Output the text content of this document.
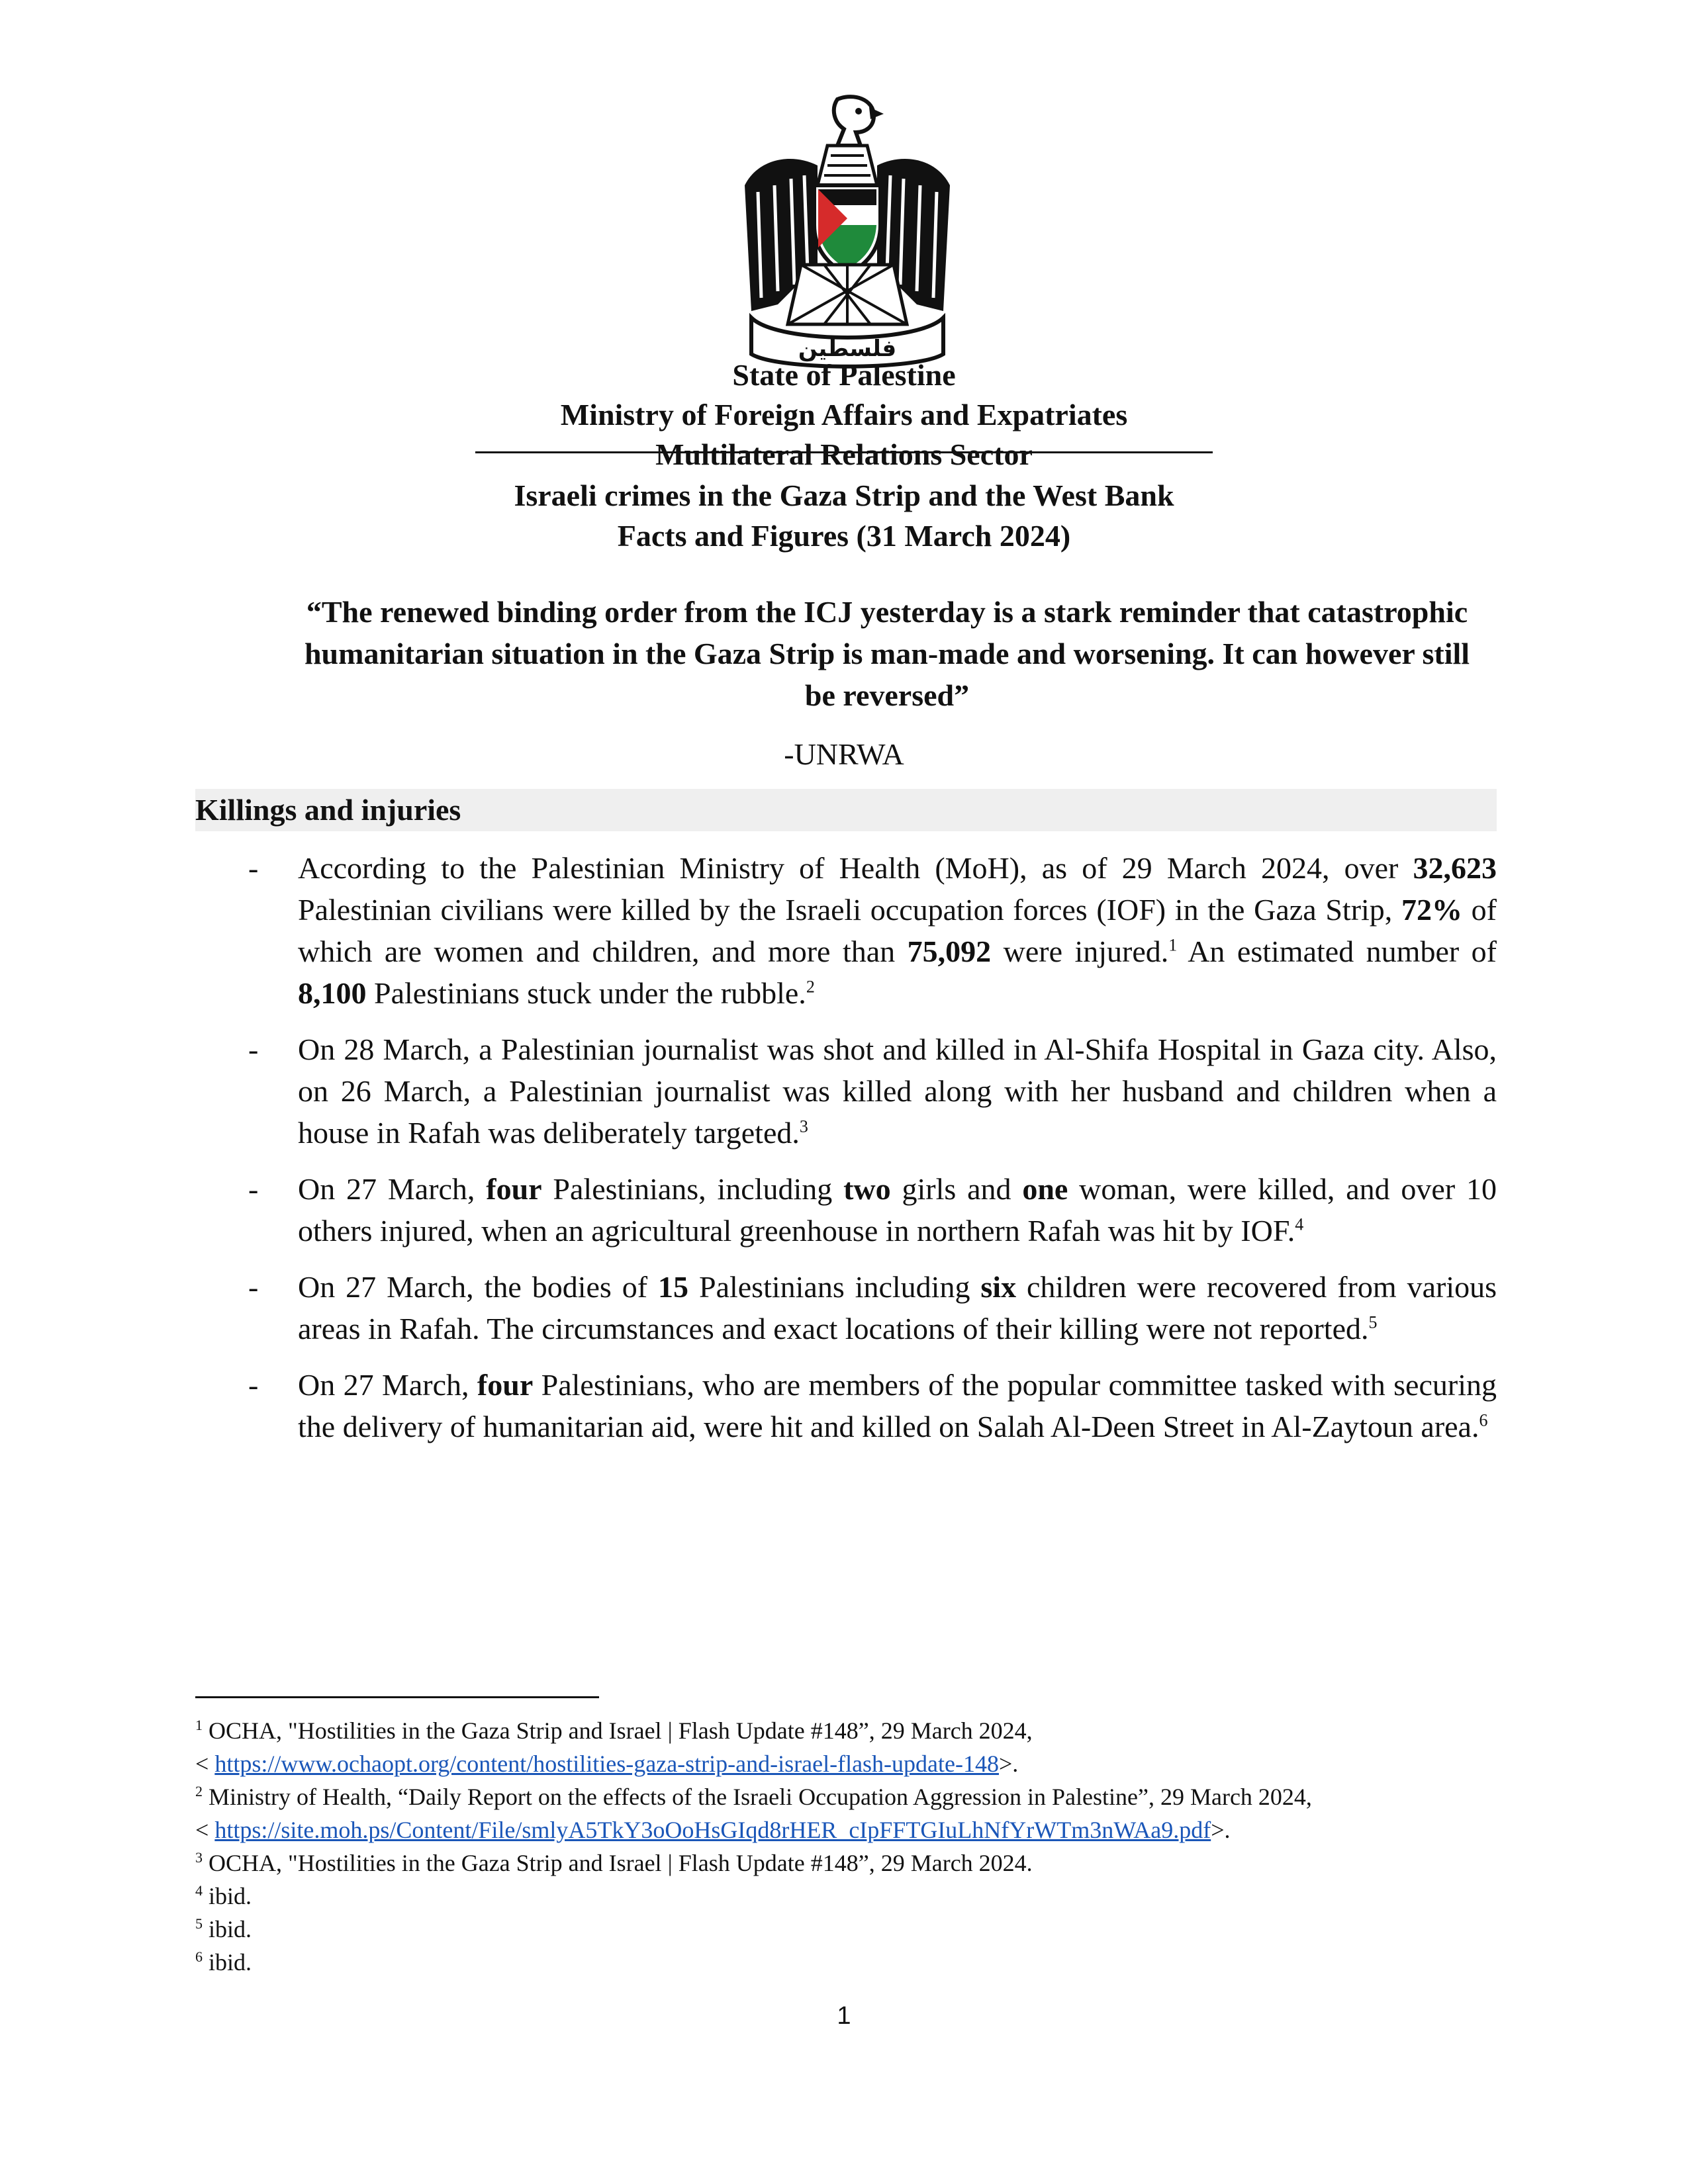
فلسطين
State of Palestine
Ministry of Foreign Affairs and Expatriates
Multilateral Relations Sector
Israeli crimes in the Gaza Strip and the West Bank
Facts and Figures (31 March 2024)
“The renewed binding order from the ICJ yesterday is a stark reminder that catastrophic humanitarian situation in the Gaza Strip is man-made and worsening. It can however still be reversed”
-UNRWA
Killings and injuries
- According to the Palestinian Ministry of Health (MoH), as of 29 March 2024, over 32,623 Palestinian civilians were killed by the Israeli occupation forces (IOF) in the Gaza Strip, 72% of which are women and children, and more than 75,092 were injured.$^1$ An estimated number of 8,100 Palestinians stuck under the rubble.$^2$
- On 28 March, a Palestinian journalist was shot and killed in Al-Shifa Hospital in Gaza city. Also, on 26 March, a Palestinian journalist was killed along with her husband and children when a house in Rafah was deliberately targeted.$^3$
- On 27 March, four Palestinians, including two girls and one woman, were killed, and over 10 others injured, when an agricultural greenhouse in northern Rafah was hit by IOF.$^4$
- On 27 March, the bodies of 15 Palestinians including six children were recovered from various areas in Rafah. The circumstances and exact locations of their killing were not reported.$^5$
- On 27 March, four Palestinians, who are members of the popular committee tasked with securing the delivery of humanitarian aid, were hit and killed on Salah Al-Deen Street in Al-Zaytoun area.$^6$
$^1$ OCHA, "Hostilities in the Gaza Strip and Israel | Flash Update #148”, 29 March 2024,
< https://www.ochaopt.org/content/hostilities-gaza-strip-and-israel-flash-update-148>.
$^2$ Ministry of Health, “Daily Report on the effects of the Israeli Occupation Aggression in Palestine”, 29 March 2024,
< https://site.moh.ps/Content/File/smlyA5TkY3oOoHsGIqd8rHER_cIpFFTGIuLhNfYrWTm3nWAa9.pdf>.
$^3$ OCHA, "Hostilities in the Gaza Strip and Israel | Flash Update #148”, 29 March 2024.
$^4$ ibid.
$^5$ ibid.
$^6$ ibid.
1
